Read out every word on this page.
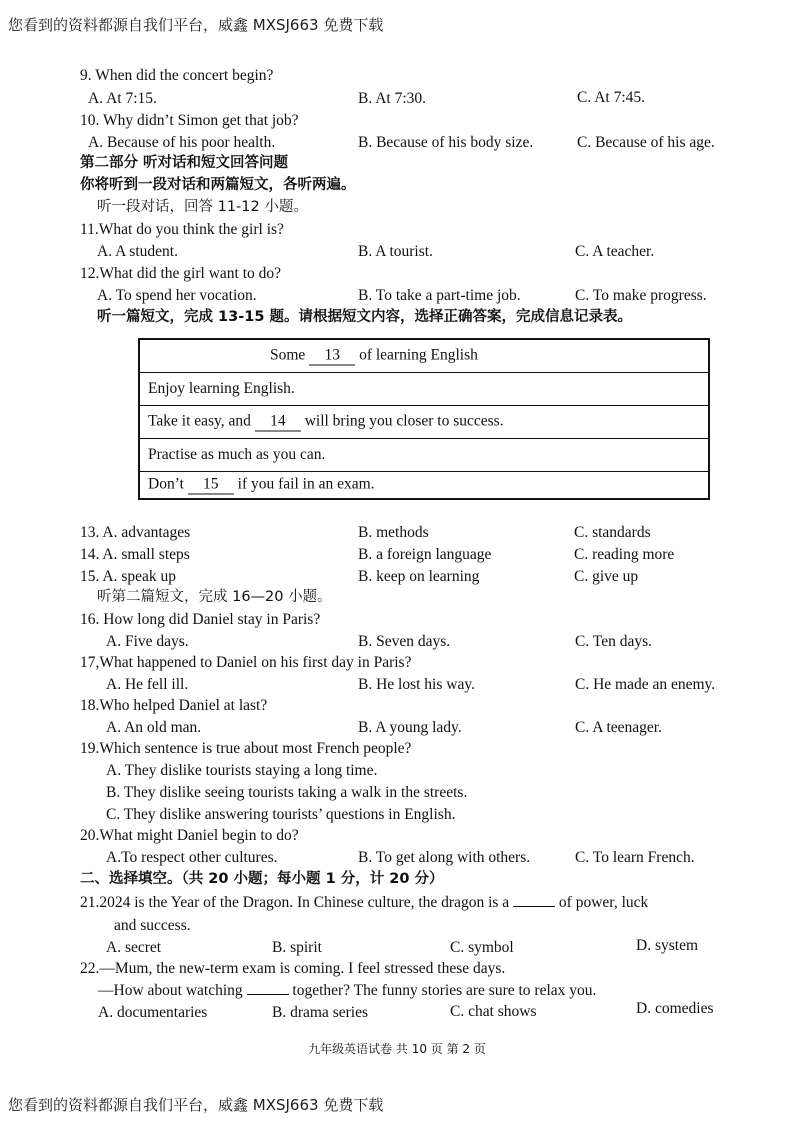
您看到的资料都源自我们平台，威鑫 MXSJ663 免费下载
9. When did the concert begin?
A. At 7:15.	B. At 7:30.	C. At 7:45.
10. Why didn’t Simon get that job?
A. Because of his poor health.	B. Because of his body size.	C. Because of his age.
第二部分 听对话和短文回答问题
你将听到一段对话和两篇短文，各听两遍。
听一段对话，回答 11-12 小题。
11.What do you think the girl is?
A. A student.	B. A tourist.	C. A teacher.
12.What did the girl want to do?
A. To spend her vocation.	B. To take a part-time job.	C. To make progress.
听一篇短文，完成 13-15 题。请根据短文内容，选择正确答案，完成信息记录表。
Some 13 of learning English
Enjoy learning English.
Take it easy, and 14 will bring you closer to success.
Practise as much as you can.
Don’t 15 if you fail in an exam.
13. A. advantages	B. methods	C. standards
14. A. small steps	B. a foreign language	C. reading more
15. A. speak up	B. keep on learning	C. give up
听第二篇短文，完成 16—20 小题。
16. How long did Daniel stay in Paris?
A. Five days.	B. Seven days.	C. Ten days.
17,What happened to Daniel on his first day in Paris?
A. He fell ill.	B. He lost his way.	C. He made an enemy.
18.Who helped Daniel at last?
A. An old man.	B. A young lady.	C. A teenager.
19.Which sentence is true about most French people?
A. They dislike tourists staying a long time.
B. They dislike seeing tourists taking a walk in the streets.
C. They dislike answering tourists’ questions in English.
20.What might Daniel begin to do?
A.To respect other cultures.	B. To get along with others.	C. To learn French.
二、选择填空。（共 20 小题；每小题 1 分，计 20 分）
21.2024 is the Year of the Dragon. In Chinese culture, the dragon is a	of power, luck
and success.
A. secret	B. spirit	C. symbol	D. system
22.—Mum, the new-term exam is coming. I feel stressed these days.
—How about watching	together? The funny stories are sure to relax you.
A. documentaries	B. drama series	C. chat shows	D. comedies
九年级英语试卷 共 10 页 第 2 页
您看到的资料都源自我们平台，威鑫 MXSJ663 免费下载
